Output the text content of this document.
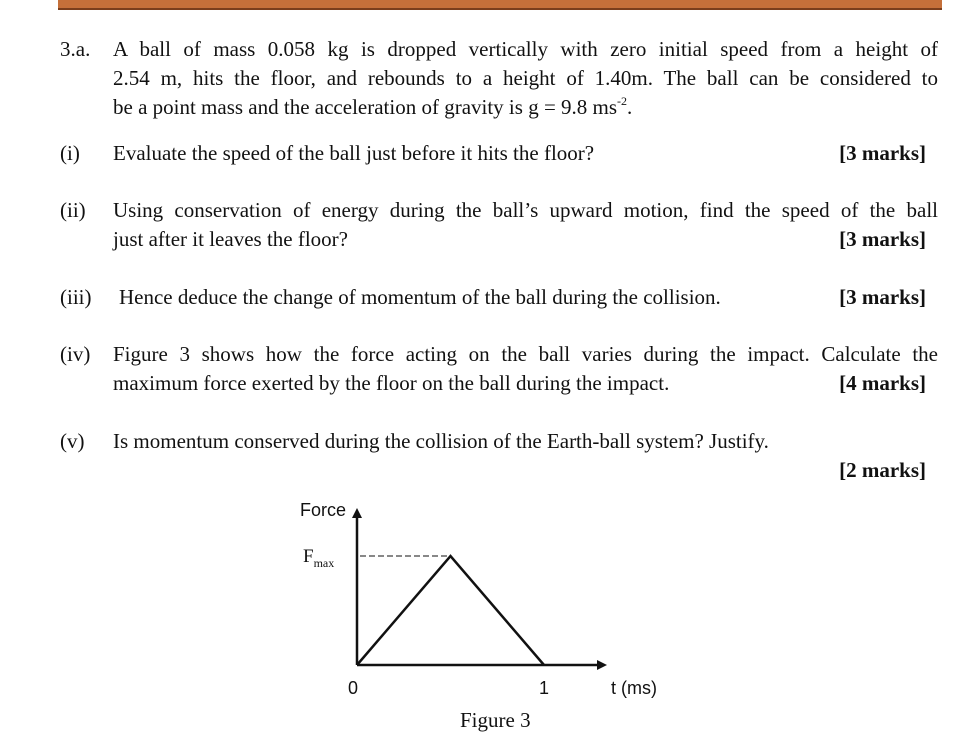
3.a. A ball of mass 0.058 kg is dropped vertically with zero initial speed from a height of
2.54 m, hits the floor, and rebounds to a height of 1.40m. The ball can be considered to
be a point mass and the acceleration of gravity is g = 9.8 $ms^{-2}$.
(i) Evaluate the speed of the ball just before it hits the floor?	[3 marks]
(ii) Using conservation of energy during the ball’s upward motion, find the speed of the ball
just after it leaves the floor?	[3 marks]
(iii) Hence deduce the change of momentum of the ball during the collision.	[3 marks]
(iv) Figure 3 shows how the force acting on the ball varies during the impact. Calculate the
maximum force exerted by the floor on the ball during the impact.	[4 marks]
(v) Is momentum conserved during the collision of the Earth-ball system? Justify.
[2 marks]
Force
$F_{max}$
0	1	t (ms)
Figure 3
